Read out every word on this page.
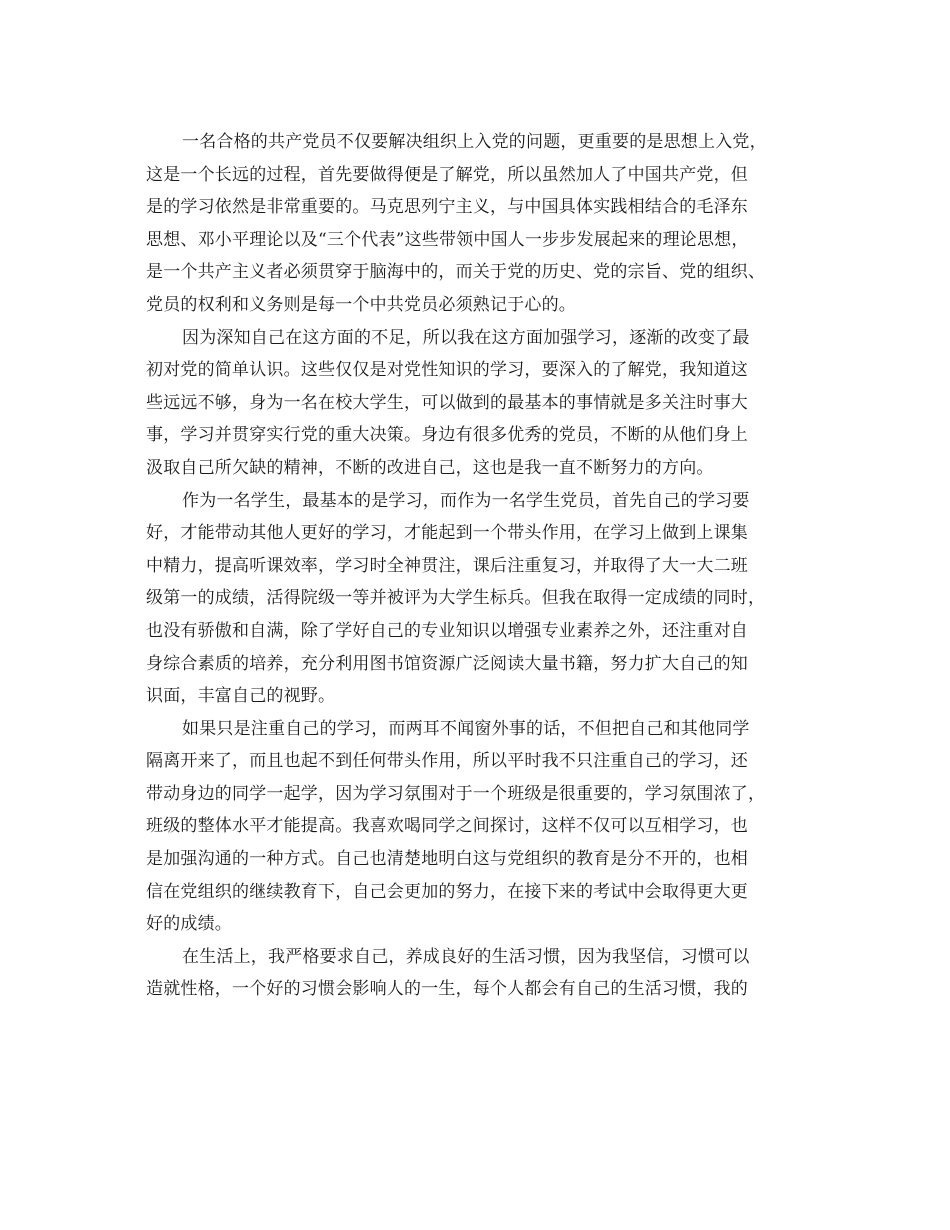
一名合格的共产党员不仅要解决组织上入党的问题，更重要的是思想上入党，
这是一个长远的过程，首先要做得便是了解党，所以虽然加人了中国共产党，但
是的学习依然是非常重要的。马克思列宁主义，与中国具体实践相结合的毛泽东
思想、邓小平理论以及“三个代表”这些带领中国人一步步发展起来的理论思想，
是一个共产主义者必须贯穿于脑海中的，而关于党的历史、党的宗旨、党的组织、
党员的权利和义务则是每一个中共党员必须熟记于心的。

因为深知自己在这方面的不足，所以我在这方面加强学习，逐渐的改变了最
初对党的简单认识。这些仅仅是对党性知识的学习，要深入的了解党，我知道这
些远远不够，身为一名在校大学生，可以做到的最基本的事情就是多关注时事大
事，学习并贯穿实行党的重大决策。身边有很多优秀的党员，不断的从他们身上
汲取自己所欠缺的精神，不断的改进自己，这也是我一直不断努力的方向。

作为一名学生，最基本的是学习，而作为一名学生党员，首先自己的学习要
好，才能带动其他人更好的学习，才能起到一个带头作用，在学习上做到上课集
中精力，提高听课效率，学习时全神贯注，课后注重复习，并取得了大一大二班
级第一的成绩，活得院级一等并被评为大学生标兵。但我在取得一定成绩的同时，
也没有骄傲和自满，除了学好自己的专业知识以增强专业素养之外，还注重对自
身综合素质的培养，充分利用图书馆资源广泛阅读大量书籍，努力扩大自己的知
识面，丰富自己的视野。

如果只是注重自己的学习，而两耳不闻窗外事的话，不但把自己和其他同学
隔离开来了，而且也起不到任何带头作用，所以平时我不只注重自己的学习，还
带动身边的同学一起学，因为学习氛围对于一个班级是很重要的，学习氛围浓了，
班级的整体水平才能提高。我喜欢喝同学之间探讨，这样不仅可以互相学习，也
是加强沟通的一种方式。自己也清楚地明白这与党组织的教育是分不开的，也相
信在党组织的继续教育下，自己会更加的努力，在接下来的考试中会取得更大更
好的成绩。

在生活上，我严格要求自己，养成良好的生活习惯，因为我坚信，习惯可以
造就性格，一个好的习惯会影响人的一生，每个人都会有自己的生活习惯，我的
